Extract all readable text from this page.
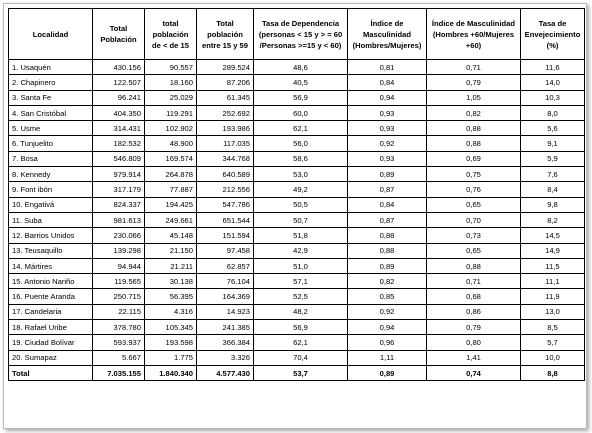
Localidad	Total Población	total población de < de 15	Total población entre 15 y 59	Tasa de Dependencia (personas < 15 y > = 60 /Personas >=15 y < 60)	Índice de Masculinidad (Hombres/Mujeres)	Índice de Masculinidad (Hombres +60/Mujeres +60)	Tasa de Envejecimiento (%)
1. Usaquén	430.156	90.557	289.524	48,6	0,81	0,71	11,6
2. Chapinero	122.507	18.160	87.206	40,5	0,84	0,79	14,0
3. Santa Fe	96.241	25.029	61.345	56,9	0,94	1,05	10,3
4. San Cristóbal	404.350	119.291	252.692	60,0	0,93	0,82	8,0
5. Usme	314.431	102.902	193.986	62,1	0,93	0,88	5,6
6. Tunjuelito	182.532	48.900	117.035	56,0	0,92	0,88	9,1
7. Bosa	546.809	169.574	344.768	58,6	0,93	0,69	5,9
8. Kennedy	979.914	264.878	640.589	53,0	0,89	0,75	7,6
9. Font ibón	317.179	77.887	212.556	49,2	0,87	0,76	8,4
10. Engativá	824.337	194.425	547.786	50,5	0,84	0,65	9,8
11. Suba	981.613	249.661	651.544	50,7	0,87	0,70	8,2
12. Barrios Unidos	230.066	45.148	151.594	51,8	0,88	0,73	14,5
13. Teusaquillo	139.298	21.150	97.458	42,9	0,88	0,65	14,9
14. Mártires	94.944	21.211	62.857	51,0	0,89	0,88	11,5
15. Antonio Nariño	119.565	30.138	76.104	57,1	0,82	0,71	11,1
16. Puente Aranda	250.715	56.395	164.369	52,5	0,85	0,68	11,9
17. Candelaria	22.115	4.316	14.923	48,2	0,92	0,86	13,0
18. Rafael Uribe	378.780	105.345	241.385	56,9	0,94	0,79	8,5
19. Ciudad Bolívar	593.937	193.598	366.384	62,1	0,96	0,80	5,7
20. Sumapaz	5.667	1.775	3.326	70,4	1,11	1,41	10,0
Total	7.035.155	1.840.340	4.577.430	53,7	0,89	0,74	8,8
